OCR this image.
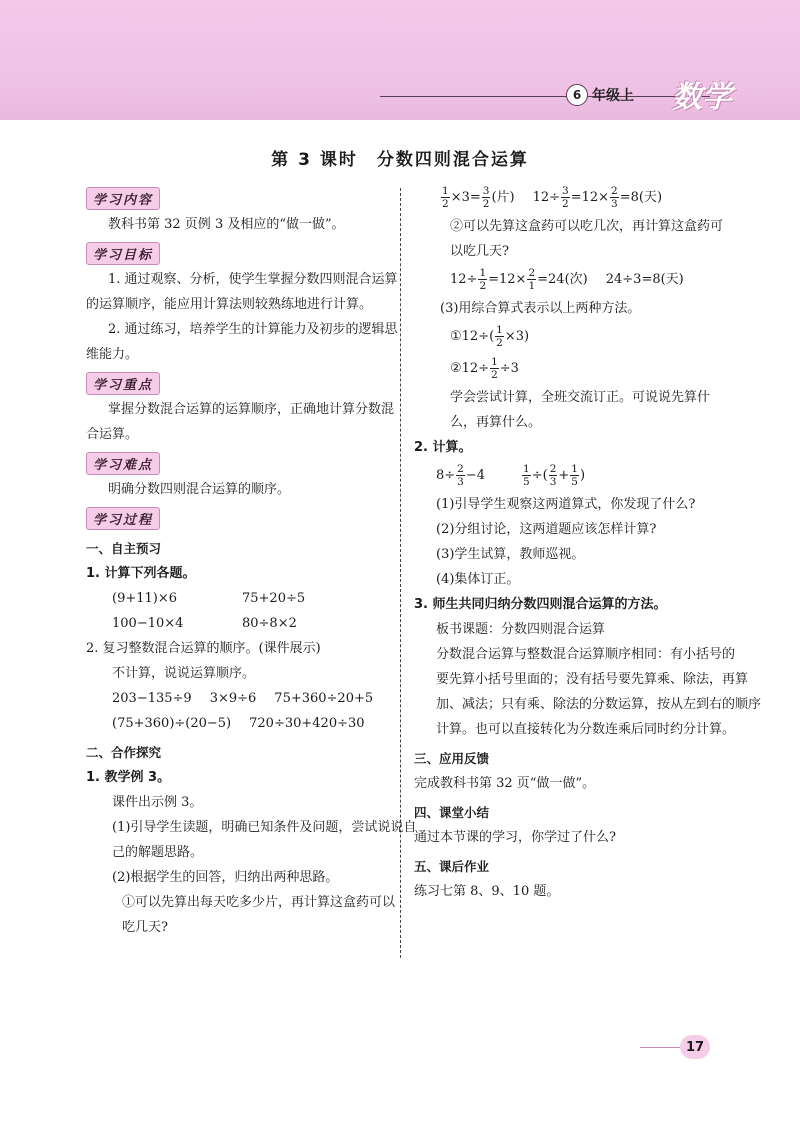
6 年级上 数学
第 3 课时　分数四则混合运算
学习内容
教科书第 32 页例 3 及相应的“做一做”。
学习目标
1. 通过观察、分析，使学生掌握分数四则混合运算
的运算顺序，能应用计算法则较熟练地进行计算。
2. 通过练习，培养学生的计算能力及初步的逻辑思
维能力。
学习重点
掌握分数混合运算的运算顺序，正确地计算分数混
合运算。
学习难点
明确分数四则混合运算的顺序。
学习过程
一、自主预习
1. 计算下列各题。
(9+11)×6	75+20÷5
100−10×4	80÷8×2
2. 复习整数混合运算的顺序。(课件展示)
不计算，说说运算顺序。
203−135÷9 3×9÷6 75+360÷20+5
(75+360)÷(20−5) 720÷30+420÷30
二、合作探究
1. 教学例 3。
课件出示例 3。
(1)引导学生读题，明确已知条件及问题，尝试说说自
己的解题思路。
(2)根据学生的回答，归纳出两种思路。
①可以先算出每天吃多少片，再计算这盒药可以
吃几天?
$\frac{1}{2} \times 3= \frac{3}{2}$ (片) $12\div \frac{3}{2} =12\times \frac{2}{3} =8$(天)
②可以先算这盒药可以吃几次，再计算这盒药可
以吃几天?
$12\div \frac{1}{2} =12\times \frac{2}{1} =24$(次) 24÷3=8(天)
(3)用综合算式表示以上两种方法。
①12÷( $\frac{1}{2} \times 3$)
②12÷ $\frac{1}{2} \div 3$
学会尝试计算，全班交流订正。可说说先算什
么，再算什么。
2. 计算。
$8\div \frac{2}{3} -4$	$\frac{1}{5}$ ÷( $\frac{2}{3} + \frac{1}{5}$ )
(1)引导学生观察这两道算式，你发现了什么?
(2)分组讨论，这两道题应该怎样计算?
(3)学生试算，教师巡视。
(4)集体订正。
3. 师生共同归纳分数四则混合运算的方法。
板书课题：分数四则混合运算
分数混合运算与整数混合运算顺序相同：有小括号的
要先算小括号里面的；没有括号要先算乘、除法，再算
加、减法；只有乘、除法的分数运算，按从左到右的顺序
计算。也可以直接转化为分数连乘后同时约分计算。
三、应用反馈
完成教科书第 32 页“做一做”。
四、课堂小结
通过本节课的学习，你学过了什么?
五、课后作业
练习七第 8、9、10 题。
17
